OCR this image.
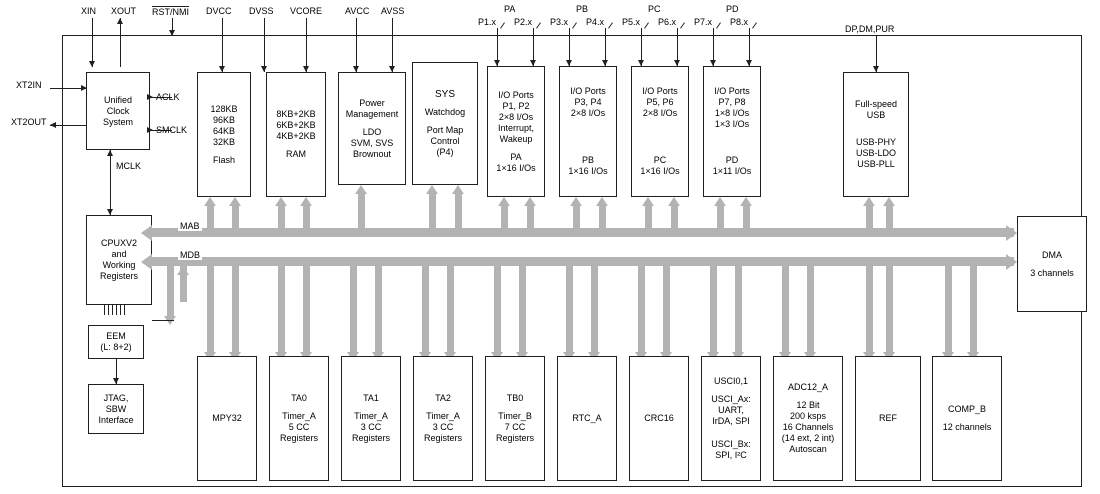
XIN XOUT RST/NMI DVCC DVSS VCORE	AVCC AVSS
DP,DM,PUR
PA
P1.x P2.x
PB
P3.x P4.x
PC
P5.x P6.x
PD
P7.x P8.x
XT2IN
XT2OUT
Unified
Clock
System
ACLK
SMCLK
MCLK
128KB
96KB
64KB
32KB
Flash
8KB+2KB
6KB+2KB
4KB+2KB
RAM
Power
Management
LDO
SVM, SVS
Brownout
SYS
Watchdog
Port Map
Control
(P4)
I/O Ports
P1, P2
2×8 I/Os
Interrupt,
Wakeup
PA
1×16 I/Os
I/O Ports
P3, P4
2×8 I/Os
PB
1×16 I/Os
I/O Ports
P5, P6
2×8 I/Os
PC
1×16 I/Os
I/O Ports
P7, P8
1×8 I/Os
1×3 I/Os
PD
1×11 I/Os
Full-speed
USB
USB-PHY
USB-LDO
USB-PLL
CPUXV2
and
Working
Registers
EEM
(L: 8+2)
JTAG,
SBW
Interface
DMA
3 channels
MAB
MDB
MPY32
TA0
Timer_A
5 CC
Registers
TA1
Timer_A
3 CC
Registers
TA2
Timer_A
3 CC
Registers
TB0
Timer_B
7 CC
Registers
RTC_A	CRC16
USCI0,1
USCI_Ax:
UART,
IrDA, SPI
USCI_Bx:
SPI, I²C
ADC12_A
12 Bit
200 ksps
16 Channels
(14 ext, 2 int)
Autoscan
REF
COMP_B
12 channels
